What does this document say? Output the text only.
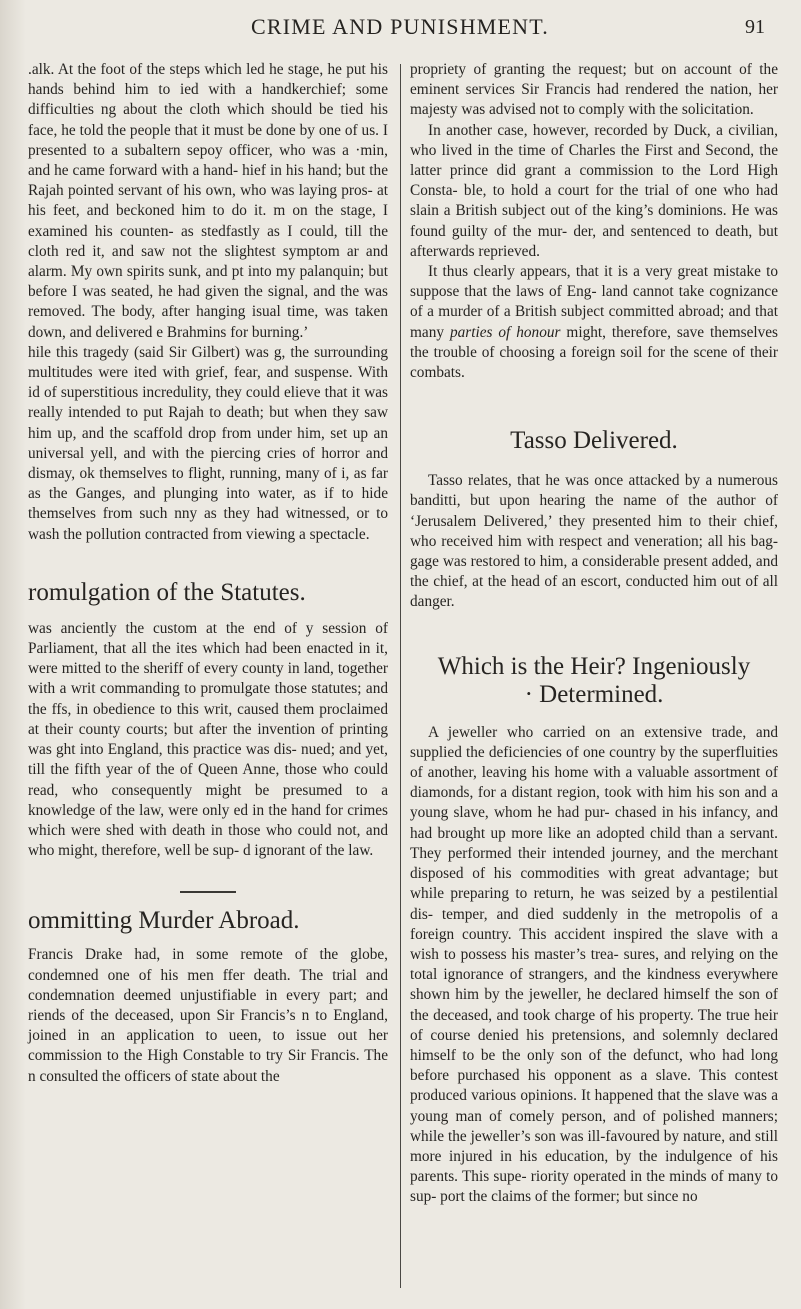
CRIME AND PUNISHMENT.	91

.alk. At the foot of the steps which led he stage, he put his hands behind him to ied with a handkerchief; some difficulties ng about the cloth which should be tied his face, he told the people that it must be done by one of us. I presented to a subaltern sepoy officer, who was a ·min, and he came forward with a hand- hief in his hand; but the Rajah pointed servant of his own, who was laying pros- at his feet, and beckoned him to do it. m on the stage, I examined his counten- as stedfastly as I could, till the cloth red it, and saw not the slightest symptom ar and alarm. My own spirits sunk, and pt into my palanquin; but before I was seated, he had given the signal, and the was removed. The body, after hanging isual time, was taken down, and delivered e Brahmins for burning.’

hile this tragedy (said Sir Gilbert) was g, the surrounding multitudes were ited with grief, fear, and suspense. With id of superstitious incredulity, they could elieve that it was really intended to put Rajah to death; but when they saw him up, and the scaffold drop from under him, set up an universal yell, and with the piercing cries of horror and dismay, ok themselves to flight, running, many of i, as far as the Ganges, and plunging into water, as if to hide themselves from such nny as they had witnessed, or to wash the pollution contracted from viewing a spectacle.

romulgation of the Statutes.

was anciently the custom at the end of y session of Parliament, that all the ites which had been enacted in it, were mitted to the sheriff of every county in land, together with a writ commanding to promulgate those statutes; and the ffs, in obedience to this writ, caused them proclaimed at their county courts; but after the invention of printing was ght into England, this practice was dis- nued; and yet, till the fifth year of the of Queen Anne, those who could read, who consequently might be presumed to a knowledge of the law, were only ed in the hand for crimes which were shed with death in those who could not, and who might, therefore, well be sup- d ignorant of the law.

ommitting Murder Abroad.

Francis Drake had, in some remote of the globe, condemned one of his men ffer death. The trial and condemnation deemed unjustifiable in every part; and riends of the deceased, upon Sir Francis’s n to England, joined in an application to ueen, to issue out her commission to the High Constable to try Sir Francis. The n consulted the officers of state about the

propriety of granting the request; but on account of the eminent services Sir Francis had rendered the nation, her majesty was advised not to comply with the solicitation.

In another case, however, recorded by Duck, a civilian, who lived in the time of Charles the First and Second, the latter prince did grant a commission to the Lord High Consta- ble, to hold a court for the trial of one who had slain a British subject out of the king’s dominions. He was found guilty of the mur- der, and sentenced to death, but afterwards reprieved.

It thus clearly appears, that it is a very great mistake to suppose that the laws of Eng- land cannot take cognizance of a murder of a British subject committed abroad; and that many parties of honour might, therefore, save themselves the trouble of choosing a foreign soil for the scene of their combats.

Tasso Delivered.

Tasso relates, that he was once attacked by a numerous banditti, but upon hearing the name of the author of ‘Jerusalem Delivered,’ they presented him to their chief, who received him with respect and veneration; all his bag- gage was restored to him, a considerable present added, and the chief, at the head of an escort, conducted him out of all danger.

Which is the Heir? Ingeniously
· Determined.

A jeweller who carried on an extensive trade, and supplied the deficiencies of one country by the superfluities of another, leaving his home with a valuable assortment of diamonds, for a distant region, took with him his son and a young slave, whom he had pur- chased in his infancy, and had brought up more like an adopted child than a servant. They performed their intended journey, and the merchant disposed of his commodities with great advantage; but while preparing to return, he was seized by a pestilential dis- temper, and died suddenly in the metropolis of a foreign country. This accident inspired the slave with a wish to possess his master’s trea- sures, and relying on the total ignorance of strangers, and the kindness everywhere shown him by the jeweller, he declared himself the son of the deceased, and took charge of his property. The true heir of course denied his pretensions, and solemnly declared himself to be the only son of the defunct, who had long before purchased his opponent as a slave. This contest produced various opinions. It happened that the slave was a young man of comely person, and of polished manners; while the jeweller’s son was ill-favoured by nature, and still more injured in his education, by the indulgence of his parents. This supe- riority operated in the minds of many to sup- port the claims of the former; but since no
